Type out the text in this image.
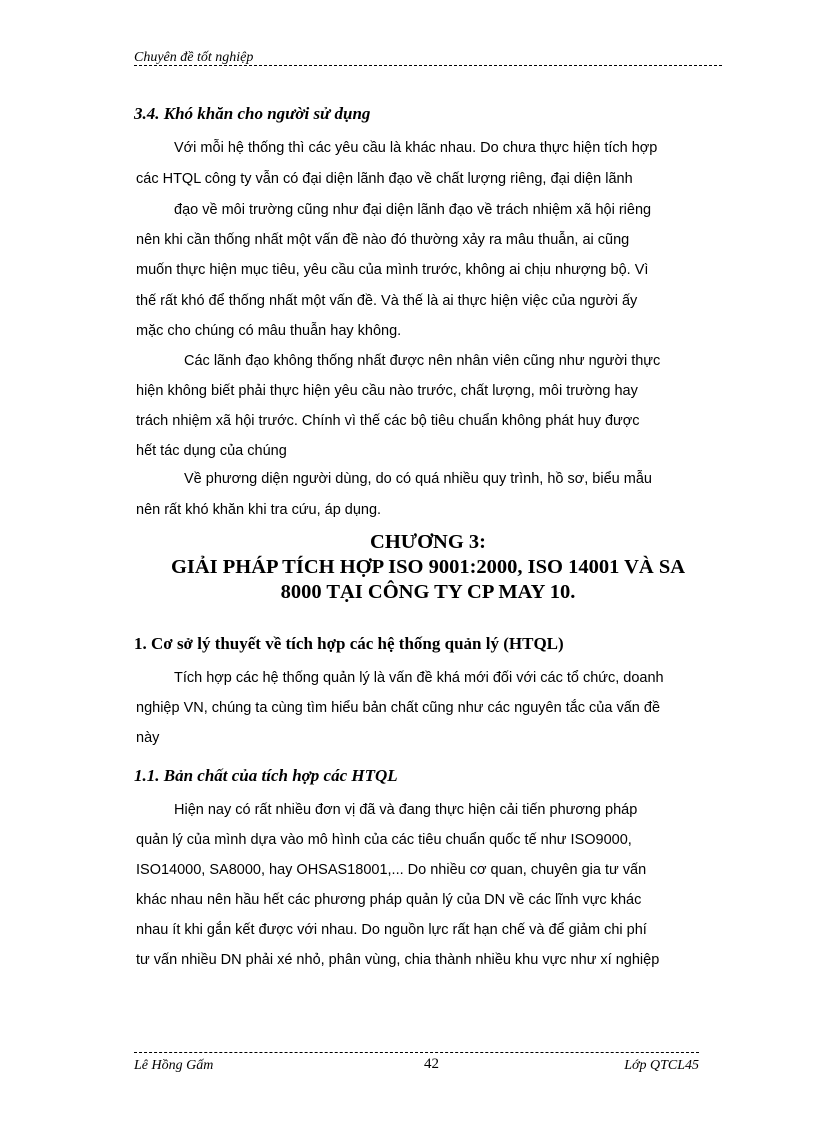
Chuyên đề tốt nghiệp
3.4. Khó khăn cho người sử dụng
Với mỗi hệ thống thì các yêu cầu là khác nhau. Do chưa thực hiện tích hợp
các HTQL công ty vẫn có đại diện lãnh đạo về chất lượng riêng, đại diện lãnh
đạo về môi trường cũng như đại diện lãnh đạo về trách nhiệm xã hội riêng
nên khi cần thống nhất một vấn đề nào đó thường xảy ra mâu thuẫn, ai cũng
muốn thực hiện mục tiêu, yêu cầu của mình trước, không ai chịu nhượng bộ. Vì
thế rất khó để thống nhất một vấn đề. Và thế là ai thực hiện việc của người ấy
mặc cho chúng có mâu thuẫn hay không.
Các lãnh đạo không thống nhất được nên nhân viên cũng như người thực
hiện không biết phải thực hiện yêu cầu nào trước, chất lượng, môi trường hay
trách nhiệm xã hội trước. Chính vì thế các bộ tiêu chuẩn không phát huy được
hết tác dụng của chúng
Về phương diện người dùng, do có quá nhiều quy trình, hồ sơ, biểu mẫu
nên rất khó khăn khi tra cứu, áp dụng.
CHƯƠNG 3:
GIẢI PHÁP TÍCH HỢP ISO 9001:2000, ISO 14001 VÀ SA
8000 TẠI CÔNG TY CP MAY 10.
1. Cơ sở lý thuyết về tích hợp các hệ thống quản lý (HTQL)
Tích hợp các hệ thống quản lý là vấn đề khá mới đối với các tổ chức, doanh
nghiệp VN, chúng ta cùng tìm hiểu bản chất cũng như các nguyên tắc của vấn đề
này
1.1. Bản chất của tích hợp các HTQL
Hiện nay có rất nhiều đơn vị đã và đang thực hiện cải tiến phương pháp
quản lý của mình dựa vào mô hình của các tiêu chuẩn quốc tế như ISO9000,
ISO14000, SA8000, hay OHSAS18001,... Do nhiều cơ quan, chuyên gia tư vấn
khác nhau nên hầu hết các phương pháp quản lý của DN về các lĩnh vực khác
nhau ít khi gắn kết được với nhau. Do nguồn lực rất hạn chế và để giảm chi phí
tư vấn nhiều DN phải xé nhỏ, phân vùng, chia thành nhiều khu vực như xí nghiệp
Lê Hồng Gấm	42	Lớp QTCL45
